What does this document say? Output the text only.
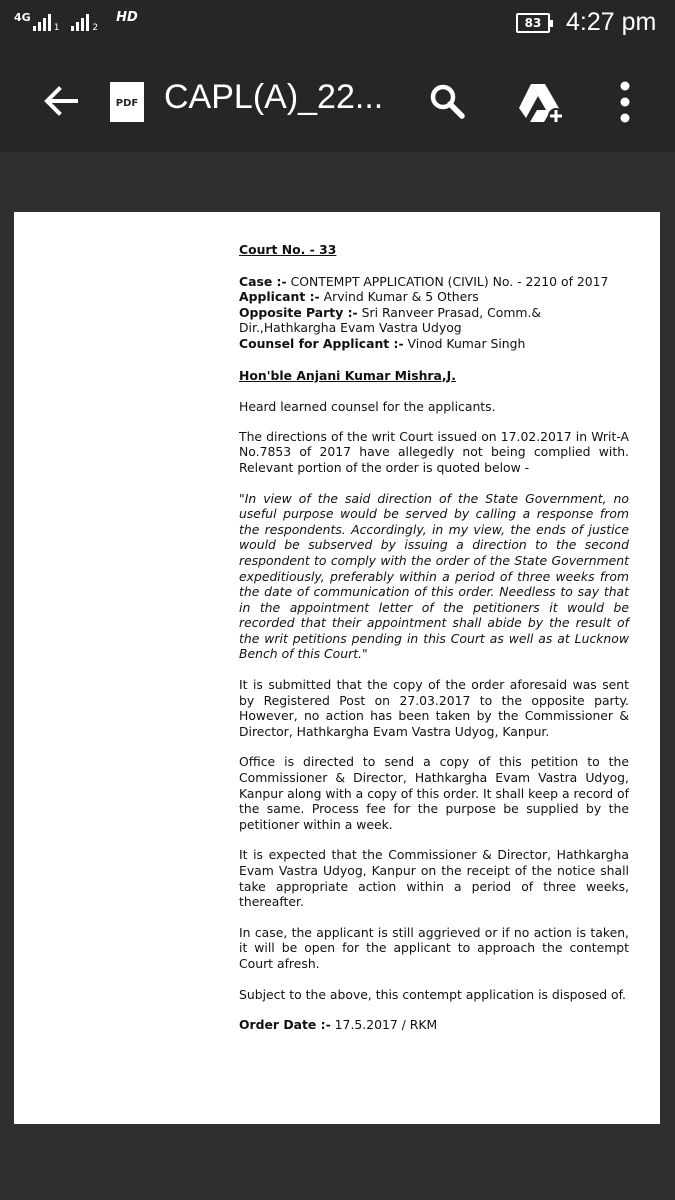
4G
1	2
HD	83 4:27 pm
PDF CAPL(A)_22...

Court No. - 33

Case :- CONTEMPT APPLICATION (CIVIL) No. - 2210 of 2017

Applicant :- Arvind Kumar & 5 Others

Opposite Party :- Sri Ranveer Prasad, Comm.& Dir.,Hathkargha Evam Vastra Udyog

Counsel for Applicant :- Vinod Kumar Singh

Hon'ble Anjani Kumar Mishra,J.

Heard learned counsel for the applicants.

The directions of the writ Court issued on 17.02.2017 in Writ-A No.7853 of 2017 have allegedly not being complied with. Relevant portion of the order is quoted below -

"In view of the said direction of the State Government, no useful purpose would be served by calling a response from the respondents. Accordingly, in my view, the ends of justice would be subserved by issuing a direction to the second respondent to comply with the order of the State Government expeditiously, preferably within a period of three weeks from the date of communication of this order. Needless to say that in the appointment letter of the petitioners it would be recorded that their appointment shall abide by the result of the writ petitions pending in this Court as well as at Lucknow Bench of this Court."

It is submitted that the copy of the order aforesaid was sent by Registered Post on 27.03.2017 to the opposite party. However, no action has been taken by the Commissioner & Director, Hathkargha Evam Vastra Udyog, Kanpur.

Office is directed to send a copy of this petition to the Commissioner & Director, Hathkargha Evam Vastra Udyog, Kanpur along with a copy of this order. It shall keep a record of the same. Process fee for the purpose be supplied by the petitioner within a week.

It is expected that the Commissioner & Director, Hathkargha Evam Vastra Udyog, Kanpur on the receipt of the notice shall take appropriate action within a period of three weeks, thereafter.

In case, the applicant is still aggrieved or if no action is taken, it will be open for the applicant to approach the contempt Court afresh.

Subject to the above, this contempt application is disposed of.

Order Date :- 17.5.2017 / RKM
